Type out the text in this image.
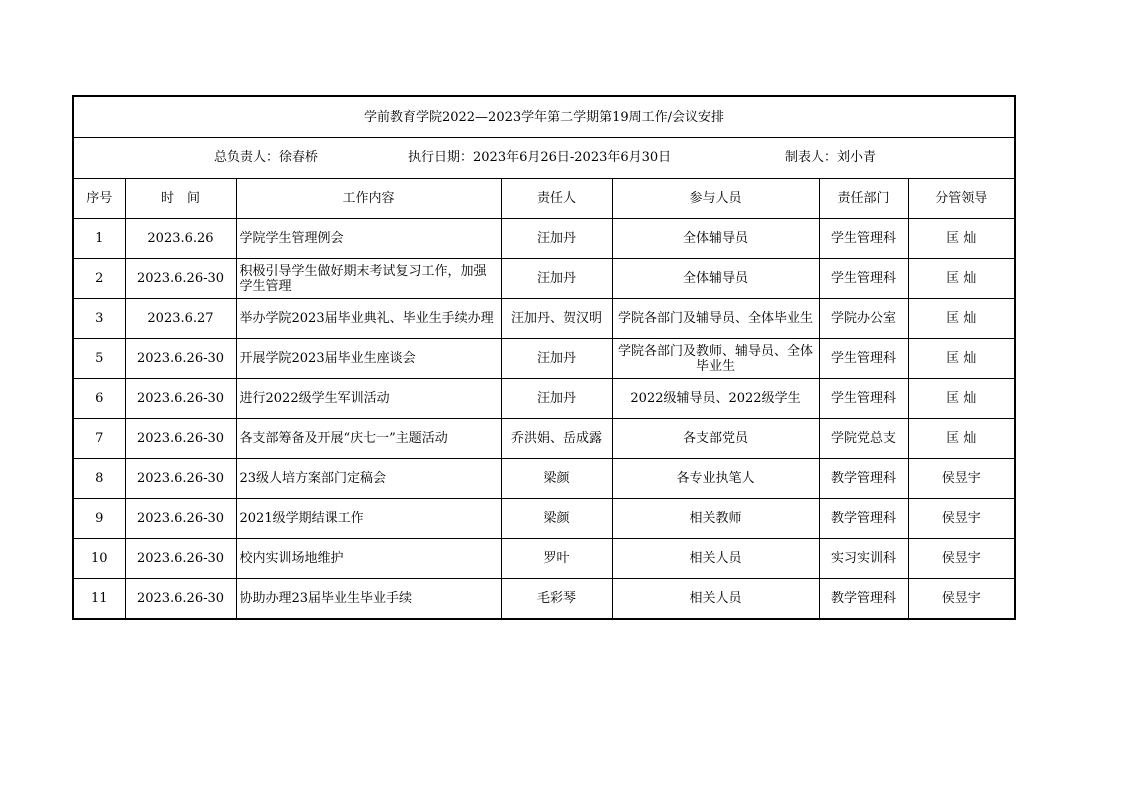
学前教育学院2022—2023学年第二学期第19周工作/会议安排						

总负责人：徐春桥 执行日期：2023年6月26日-2023年6月30日 制表人：刘小青						

序号	时　间	工作内容	责任人	参与人员	责任部门	分管领导
1	2023.6.26	学院学生管理例会	汪加丹	全体辅导员	学生管理科	匡 灿
2	2023.6.26-30	积极引导学生做好期末考试复习工作，加强学生管理	汪加丹	全体辅导员	学生管理科	匡 灿
3	2023.6.27	举办学院2023届毕业典礼、毕业生手续办理	汪加丹、贺汉明	学院各部门及辅导员、全体毕业生	学院办公室	匡 灿
5	2023.6.26-30	开展学院2023届毕业生座谈会	汪加丹	学院各部门及教师、辅导员、全体毕业生	学生管理科	匡 灿
6	2023.6.26-30	进行2022级学生军训活动	汪加丹	2022级辅导员、2022级学生	学生管理科	匡 灿
7	2023.6.26-30	各支部筹备及开展“庆七一”主题活动	乔洪娟、岳成露	各支部党员	学院党总支	匡 灿
8	2023.6.26-30	23级人培方案部门定稿会	梁颜	各专业执笔人	教学管理科	侯昱宇
9	2023.6.26-30	2021级学期结课工作	梁颜	相关教师	教学管理科	侯昱宇
10	2023.6.26-30	校内实训场地维护	罗叶	相关人员	实习实训科	侯昱宇
11	2023.6.26-30	协助办理23届毕业生毕业手续	毛彩琴	相关人员	教学管理科	侯昱宇
